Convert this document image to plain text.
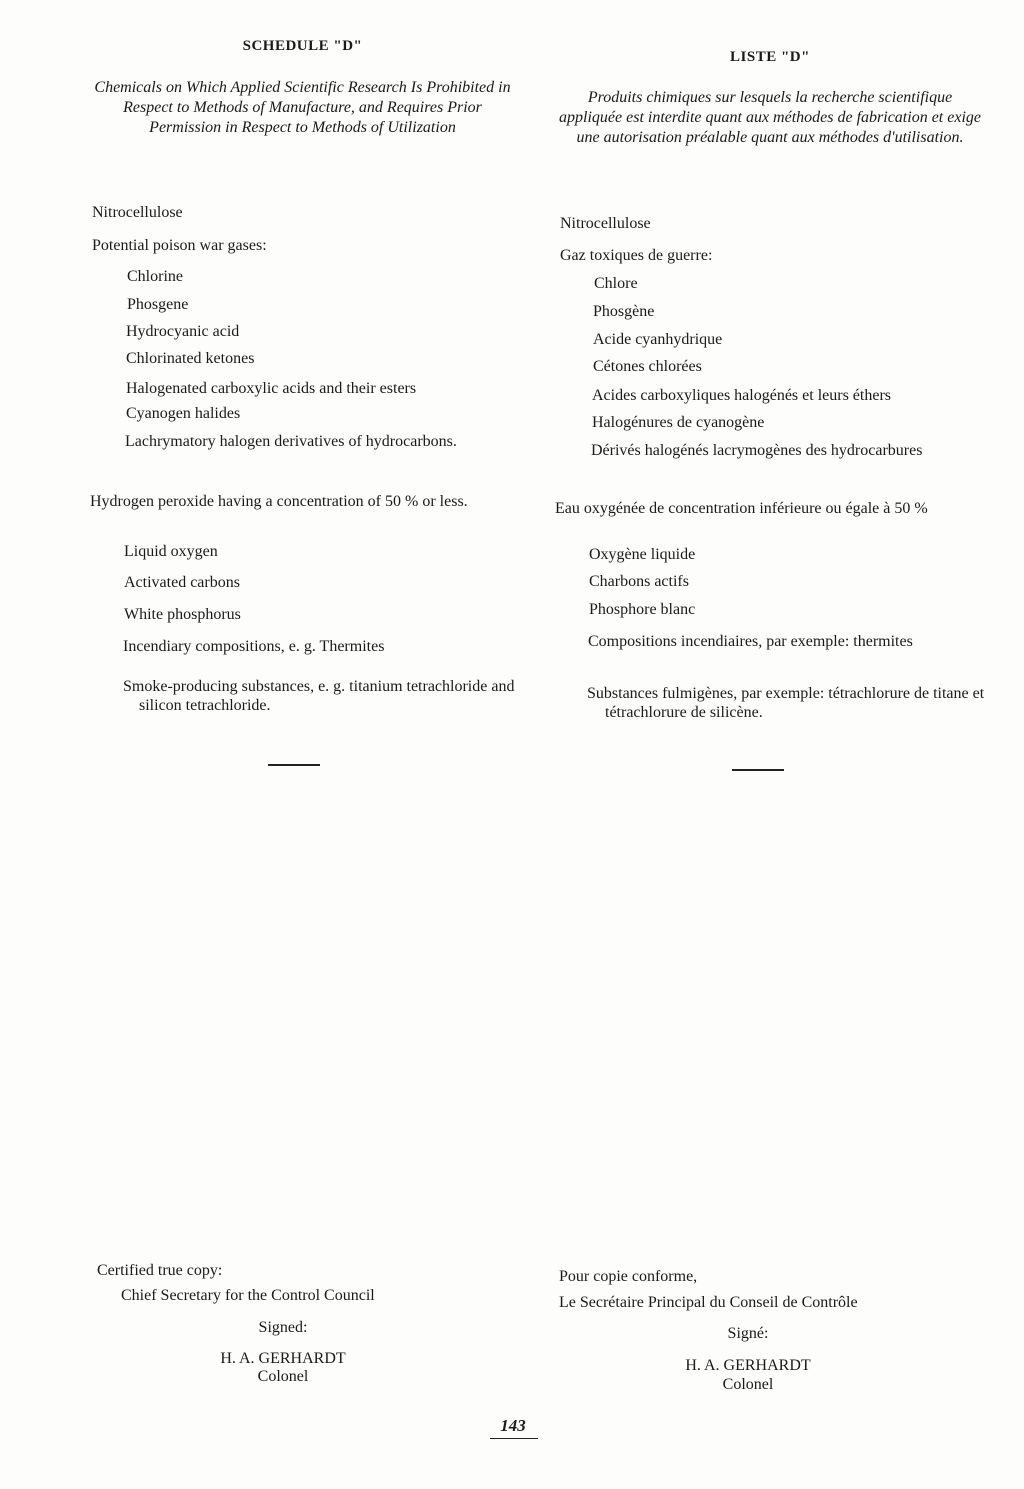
SCHEDULE "D"
Chemicals on Which Applied Scientific Research Is Prohibited in Respect to Methods of Manufacture, and Requires Prior Permission in Respect to Methods of Utilization
Nitrocellulose
Potential poison war gases:
Chlorine
Phosgene
Hydrocyanic acid
Chlorinated ketones
Halogenated carboxylic acids and their esters
Cyanogen halides
Lachrymatory halogen derivatives of hydrocarbons.
Hydrogen peroxide having a concentration of 50 % or less.
Liquid oxygen
Activated carbons
White phosphorus
Incendiary compositions, e. g. Thermites
Smoke-producing substances, e. g. titanium tetrachloride and silicon tetrachloride.
LISTE "D"
Produits chimiques sur lesquels la recherche scientifique appliquée est interdite quant aux méthodes de fabrication et exige une autorisation préalable quant aux méthodes d'utilisation.
Nitrocellulose
Gaz toxiques de guerre:
Chlore
Phosgène
Acide cyanhydrique
Cétones chlorées
Acides carboxyliques halogénés et leurs éthers
Halogénures de cyanogène
Dérivés halogénés lacrymogènes des hydrocarbures
Eau oxygénée de concentration inférieure ou égale à 50 %
Oxygène liquide
Charbons actifs
Phosphore blanc
Compositions incendiaires, par exemple: thermites
Substances fulmigènes, par exemple: tétrachlorure de titane et tétrachlorure de silicène.
Certified true copy:
Chief Secretary for the Control Council
Signed:
H. A. GERHARDT
Colonel
Pour copie conforme,
Le Secrétaire Principal du Conseil de Contrôle
Signé:
H. A. GERHARDT
Colonel
143
